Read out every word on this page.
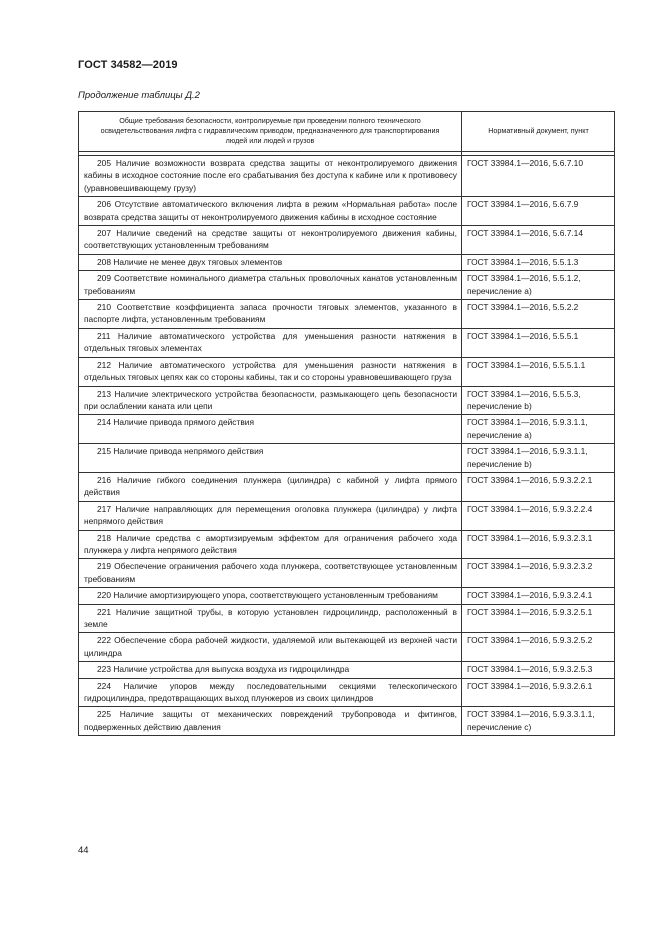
ГОСТ 34582—2019
Продолжение таблицы Д.2
Общие требования безопасности, контролируемые при проведении полного технического освидетельствования лифта с гидравлическим приводом, предназначенного для транспортирования людей или людей и грузов	Нормативный документ, пункт

205 Наличие возможности возврата средства защиты от неконтролируемого движения кабины в исходное состояние после его срабатывания без доступа к кабине или к противовесу (уравновешивающему грузу)	ГОСТ 33984.1—2016, 5.6.7.10
206 Отсутствие автоматического включения лифта в режим «Нормальная работа» после возврата средства защиты от неконтролируемого движения кабины в исходное состояние	ГОСТ 33984.1—2016, 5.6.7.9
207 Наличие сведений на средстве защиты от неконтролируемого движения кабины, соответствующих установленным требованиям	ГОСТ 33984.1—2016, 5.6.7.14
208 Наличие не менее двух тяговых элементов	ГОСТ 33984.1—2016, 5.5.1.3
209 Соответствие номинального диаметра стальных проволочных канатов установленным требованиям	ГОСТ 33984.1—2016, 5.5.1.2, перечисление а)
210 Соответствие коэффициента запаса прочности тяговых элементов, указанного в паспорте лифта, установленным требованиям	ГОСТ 33984.1—2016, 5.5.2.2
211 Наличие автоматического устройства для уменьшения разности натяжения в отдельных тяговых элементах	ГОСТ 33984.1—2016, 5.5.5.1
212 Наличие автоматического устройства для уменьшения разности натяжения в отдельных тяговых цепях как со стороны кабины, так и со стороны уравновешивающего груза	ГОСТ 33984.1—2016, 5.5.5.1.1
213 Наличие электрического устройства безопасности, размыкающего цепь безопасности при ослаблении каната или цепи	ГОСТ 33984.1—2016, 5.5.5.3, перечисление b)
214 Наличие привода прямого действия	ГОСТ 33984.1—2016, 5.9.3.1.1, перечисление а)
215 Наличие привода непрямого действия	ГОСТ 33984.1—2016, 5.9.3.1.1, перечисление b)
216 Наличие гибкого соединения плунжера (цилиндра) с кабиной у лифта прямого действия	ГОСТ 33984.1—2016, 5.9.3.2.2.1
217 Наличие направляющих для перемещения оголовка плунжера (цилиндра) у лифта непрямого действия	ГОСТ 33984.1—2016, 5.9.3.2.2.4
218 Наличие средства с амортизируемым эффектом для ограничения рабочего хода плунжера у лифта непрямого действия	ГОСТ 33984.1—2016, 5.9.3.2.3.1
219 Обеспечение ограничения рабочего хода плунжера, соответствующее установленным требованиям	ГОСТ 33984.1—2016, 5.9.3.2.3.2
220 Наличие амортизирующего упора, соответствующего установленным требованиям	ГОСТ 33984.1—2016, 5.9.3.2.4.1
221 Наличие защитной трубы, в которую установлен гидроцилиндр, расположенный в земле	ГОСТ 33984.1—2016, 5.9.3.2.5.1
222 Обеспечение сбора рабочей жидкости, удаляемой или вытекающей из верхней части цилиндра	ГОСТ 33984.1—2016, 5.9.3.2.5.2
223 Наличие устройства для выпуска воздуха из гидроцилиндра	ГОСТ 33984.1—2016, 5.9.3.2.5.3
224 Наличие упоров между последовательными секциями телескопического гидроцилиндра, предотвращающих выход плунжеров из своих цилиндров	ГОСТ 33984.1—2016, 5.9.3.2.6.1
225 Наличие защиты от механических повреждений трубопровода и фитингов, подверженных действию давления	ГОСТ 33984.1—2016, 5.9.3.3.1.1, перечисление с)
44
